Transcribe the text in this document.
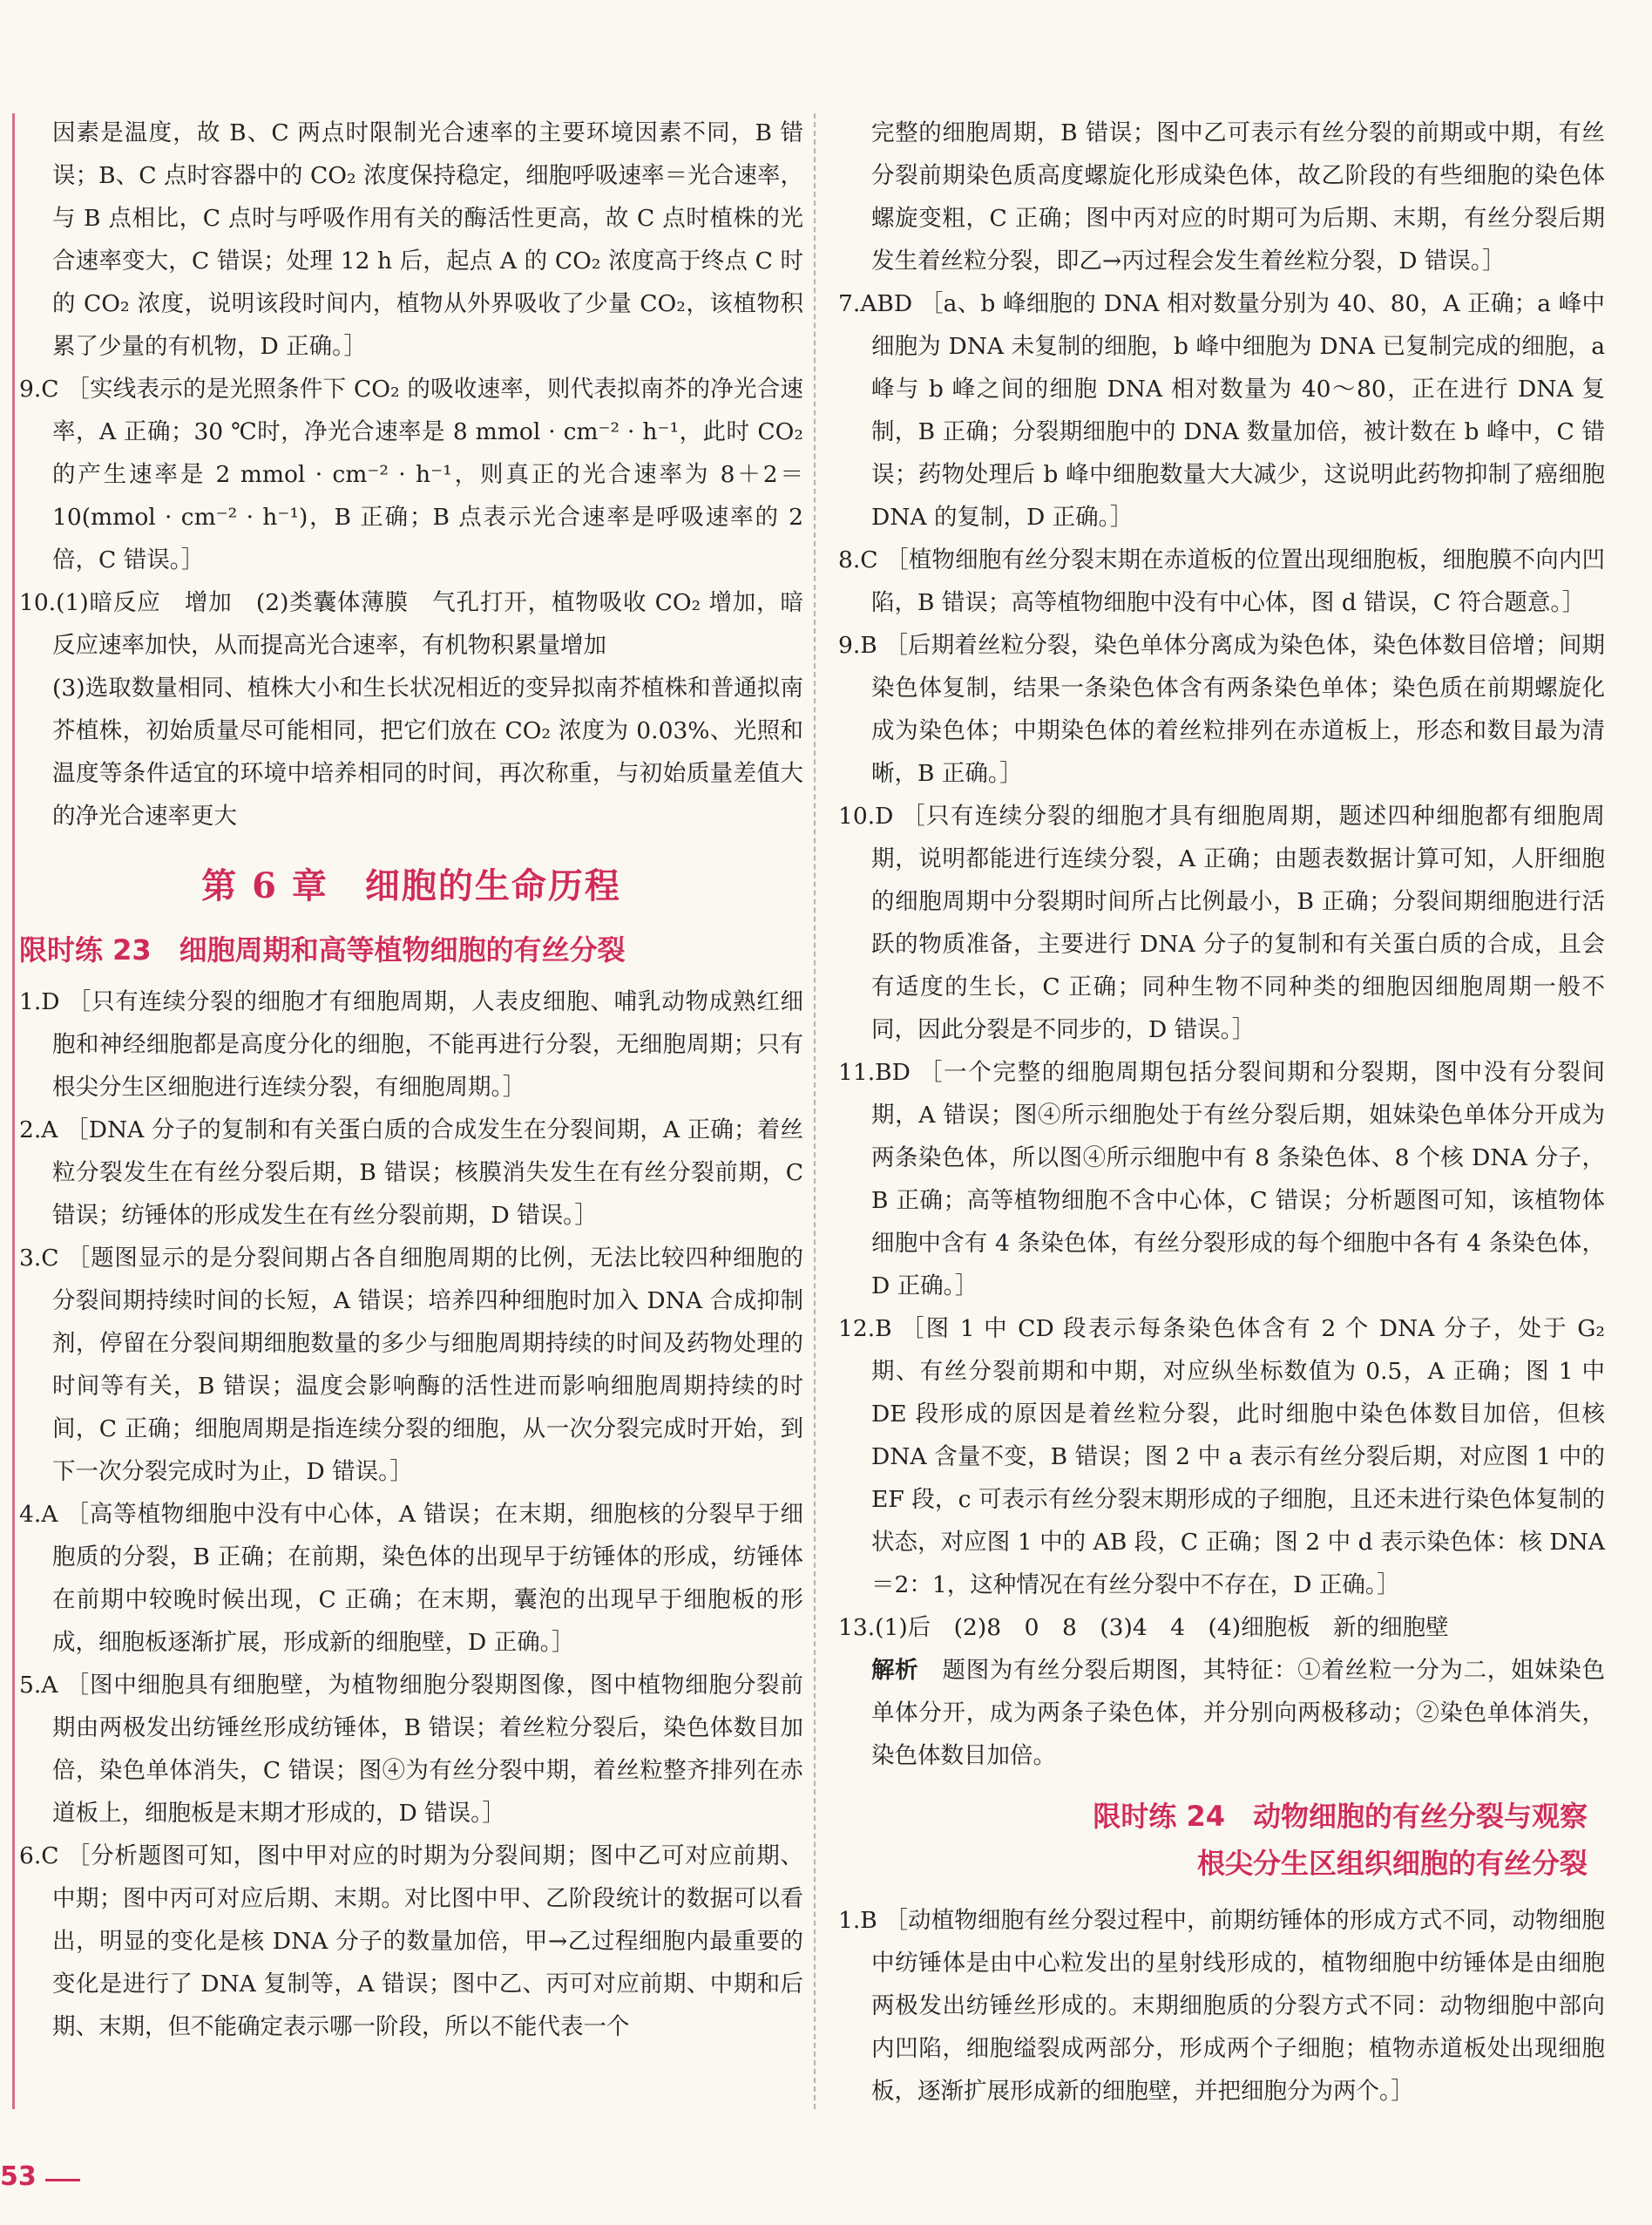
因素是温度，故 B、C 两点时限制光合速率的主要环境因素不同，B 错误；B、C 点时容器中的 CO₂ 浓度保持稳定，细胞呼吸速率＝光合速率，与 B 点相比，C 点时与呼吸作用有关的酶活性更高，故 C 点时植株的光合速率变大，C 错误；处理 12 h 后，起点 A 的 CO₂ 浓度高于终点 C 时的 CO₂ 浓度，说明该段时间内，植物从外界吸收了少量 CO₂，该植物积累了少量的有机物，D 正确。］

9.C ［实线表示的是光照条件下 CO₂ 的吸收速率，则代表拟南芥的净光合速率，A 正确；30 ℃时，净光合速率是 8 mmol · cm⁻² · h⁻¹，此时 CO₂ 的产生速率是 2 mmol · cm⁻² · h⁻¹，则真正的光合速率为 8＋2＝10(mmol · cm⁻² · h⁻¹)，B 正确；B 点表示光合速率是呼吸速率的 2 倍，C 错误。］

10.(1)暗反应　增加　(2)类囊体薄膜　气孔打开，植物吸收 CO₂ 增加，暗反应速率加快，从而提高光合速率，有机物积累量增加

(3)选取数量相同、植株大小和生长状况相近的变异拟南芥植株和普通拟南芥植株，初始质量尽可能相同，把它们放在 CO₂ 浓度为 0.03%、光照和温度等条件适宜的环境中培养相同的时间，再次称重，与初始质量差值大的净光合速率更大

第 6 章　细胞的生命历程
限时练 23　细胞周期和高等植物细胞的有丝分裂

1.D ［只有连续分裂的细胞才有细胞周期，人表皮细胞、哺乳动物成熟红细胞和神经细胞都是高度分化的细胞，不能再进行分裂，无细胞周期；只有根尖分生区细胞进行连续分裂，有细胞周期。］

2.A ［DNA 分子的复制和有关蛋白质的合成发生在分裂间期，A 正确；着丝粒分裂发生在有丝分裂后期，B 错误；核膜消失发生在有丝分裂前期，C 错误；纺锤体的形成发生在有丝分裂前期，D 错误。］

3.C ［题图显示的是分裂间期占各自细胞周期的比例，无法比较四种细胞的分裂间期持续时间的长短，A 错误；培养四种细胞时加入 DNA 合成抑制剂，停留在分裂间期细胞数量的多少与细胞周期持续的时间及药物处理的时间等有关，B 错误；温度会影响酶的活性进而影响细胞周期持续的时间，C 正确；细胞周期是指连续分裂的细胞，从一次分裂完成时开始，到下一次分裂完成时为止，D 错误。］

4.A ［高等植物细胞中没有中心体，A 错误；在末期，细胞核的分裂早于细胞质的分裂，B 正确；在前期，染色体的出现早于纺锤体的形成，纺锤体在前期中较晚时候出现，C 正确；在末期，囊泡的出现早于细胞板的形成，细胞板逐渐扩展，形成新的细胞壁，D 正确。］

5.A ［图中细胞具有细胞壁，为植物细胞分裂期图像，图中植物细胞分裂前期由两极发出纺锤丝形成纺锤体，B 错误；着丝粒分裂后，染色体数目加倍，染色单体消失，C 错误；图④为有丝分裂中期，着丝粒整齐排列在赤道板上，细胞板是末期才形成的，D 错误。］

6.C ［分析题图可知，图中甲对应的时期为分裂间期；图中乙可对应前期、中期；图中丙可对应后期、末期。对比图中甲、乙阶段统计的数据可以看出，明显的变化是核 DNA 分子的数量加倍，甲→乙过程细胞内最重要的变化是进行了 DNA 复制等，A 错误；图中乙、丙可对应前期、中期和后期、末期，但不能确定表示哪一阶段，所以不能代表一个

完整的细胞周期，B 错误；图中乙可表示有丝分裂的前期或中期，有丝分裂前期染色质高度螺旋化形成染色体，故乙阶段的有些细胞的染色体螺旋变粗，C 正确；图中丙对应的时期可为后期、末期，有丝分裂后期发生着丝粒分裂，即乙→丙过程会发生着丝粒分裂，D 错误。］

7.ABD ［a、b 峰细胞的 DNA 相对数量分别为 40、80，A 正确；a 峰中细胞为 DNA 未复制的细胞，b 峰中细胞为 DNA 已复制完成的细胞，a 峰与 b 峰之间的细胞 DNA 相对数量为 40～80，正在进行 DNA 复制，B 正确；分裂期细胞中的 DNA 数量加倍，被计数在 b 峰中，C 错误；药物处理后 b 峰中细胞数量大大减少，这说明此药物抑制了癌细胞 DNA 的复制，D 正确。］

8.C ［植物细胞有丝分裂末期在赤道板的位置出现细胞板，细胞膜不向内凹陷，B 错误；高等植物细胞中没有中心体，图 d 错误，C 符合题意。］

9.B ［后期着丝粒分裂，染色单体分离成为染色体，染色体数目倍增；间期染色体复制，结果一条染色体含有两条染色单体；染色质在前期螺旋化成为染色体；中期染色体的着丝粒排列在赤道板上，形态和数目最为清晰，B 正确。］

10.D ［只有连续分裂的细胞才具有细胞周期，题述四种细胞都有细胞周期，说明都能进行连续分裂，A 正确；由题表数据计算可知，人肝细胞的细胞周期中分裂期时间所占比例最小，B 正确；分裂间期细胞进行活跃的物质准备，主要进行 DNA 分子的复制和有关蛋白质的合成，且会有适度的生长，C 正确；同种生物不同种类的细胞因细胞周期一般不同，因此分裂是不同步的，D 错误。］

11.BD ［一个完整的细胞周期包括分裂间期和分裂期，图中没有分裂间期，A 错误；图④所示细胞处于有丝分裂后期，姐妹染色单体分开成为两条染色体，所以图④所示细胞中有 8 条染色体、8 个核 DNA 分子，B 正确；高等植物细胞不含中心体，C 错误；分析题图可知，该植物体细胞中含有 4 条染色体，有丝分裂形成的每个细胞中各有 4 条染色体，D 正确。］

12.B ［图 1 中 CD 段表示每条染色体含有 2 个 DNA 分子，处于 G₂ 期、有丝分裂前期和中期，对应纵坐标数值为 0.5，A 正确；图 1 中 DE 段形成的原因是着丝粒分裂，此时细胞中染色体数目加倍，但核 DNA 含量不变，B 错误；图 2 中 a 表示有丝分裂后期，对应图 1 中的 EF 段，c 可表示有丝分裂末期形成的子细胞，且还未进行染色体复制的状态，对应图 1 中的 AB 段，C 正确；图 2 中 d 表示染色体：核 DNA＝2：1，这种情况在有丝分裂中不存在，D 正确。］

13.(1)后　(2)8　0　8　(3)4　4　(4)细胞板　新的细胞壁

解析　题图为有丝分裂后期图，其特征：①着丝粒一分为二，姐妹染色单体分开，成为两条子染色体，并分别向两极移动；②染色单体消失，染色体数目加倍。

限时练 24　动物细胞的有丝分裂与观察
根尖分生区组织细胞的有丝分裂

1.B ［动植物细胞有丝分裂过程中，前期纺锤体的形成方式不同，动物细胞中纺锤体是由中心粒发出的星射线形成的，植物细胞中纺锤体是由细胞两极发出纺锤丝形成的。末期细胞质的分裂方式不同：动物细胞中部向内凹陷，细胞缢裂成两部分，形成两个子细胞；植物赤道板处出现细胞板，逐渐扩展形成新的细胞壁，并把细胞分为两个。］

53
